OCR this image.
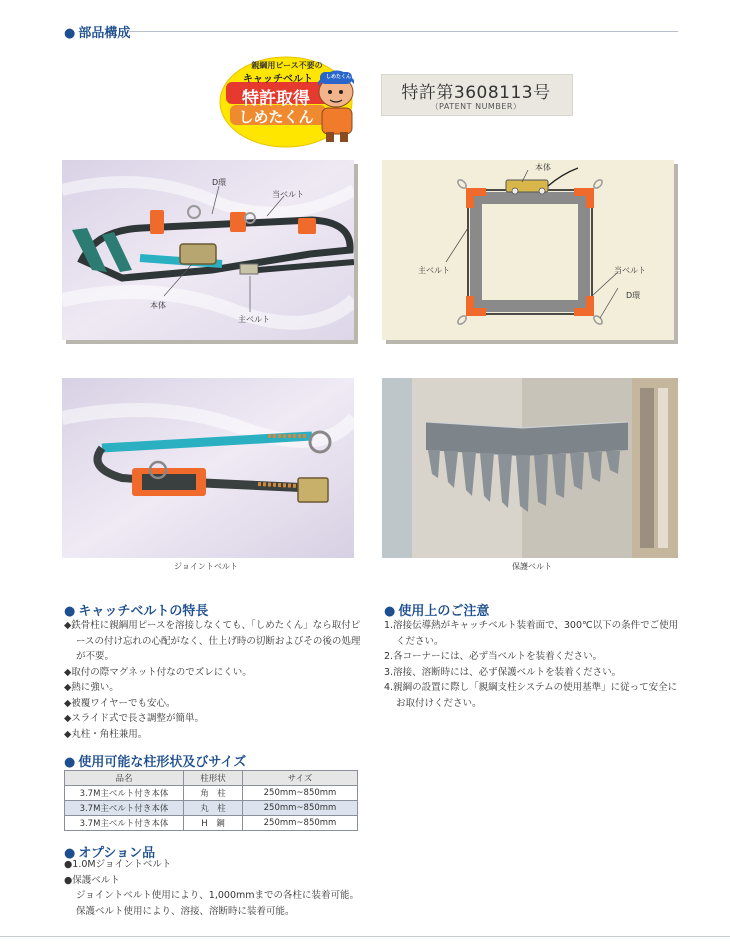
● 部品構成
しめたくん
親綱用ピース不要の
キャッチベルト
特許取得
しめたくん
特許第3608113号
（PATENT NUMBER）
D環
当ベルト
本体
主ベルト
本体
主ベルト	当ベルト
D環
ジョイントベルト	保護ベルト
● キャッチベルトの特長
◆鉄骨柱に親綱用ピースを溶接しなくても、「しめたくん」なら取付ピ
ースの付け忘れの心配がなく、仕上げ時の切断およびその後の処理
が不要。
◆取付の際マグネット付なのでズレにくい。
◆熱に強い。
◆被覆ワイヤーでも安心。
◆スライド式で長さ調整が簡単。
◆丸柱・角柱兼用。
● 使用上のご注意
1.溶接伝導熱がキャッチベルト装着面で、300℃以下の条件でご使用
ください。
2.各コーナーには、必ず当ベルトを装着ください。
3.溶接、溶断時には、必ず保護ベルトを装着ください。
4.親綱の設置に際し「親綱支柱システムの使用基準」に従って安全に
お取付けください。
● 使用可能な柱形状及びサイズ
品名	柱形状	サイズ
3.7M主ベルト付き本体	角　柱	250mm~850mm
3.7M主ベルト付き本体	丸　柱	250mm~850mm
3.7M主ベルト付き本体	H　鋼	250mm~850mm
● オプション品
●1.0Mジョイントベルト
●保護ベルト
ジョイントベルト使用により、1,000mmまでの各柱に装着可能。
保護ベルト使用により、溶接、溶断時に装着可能。
